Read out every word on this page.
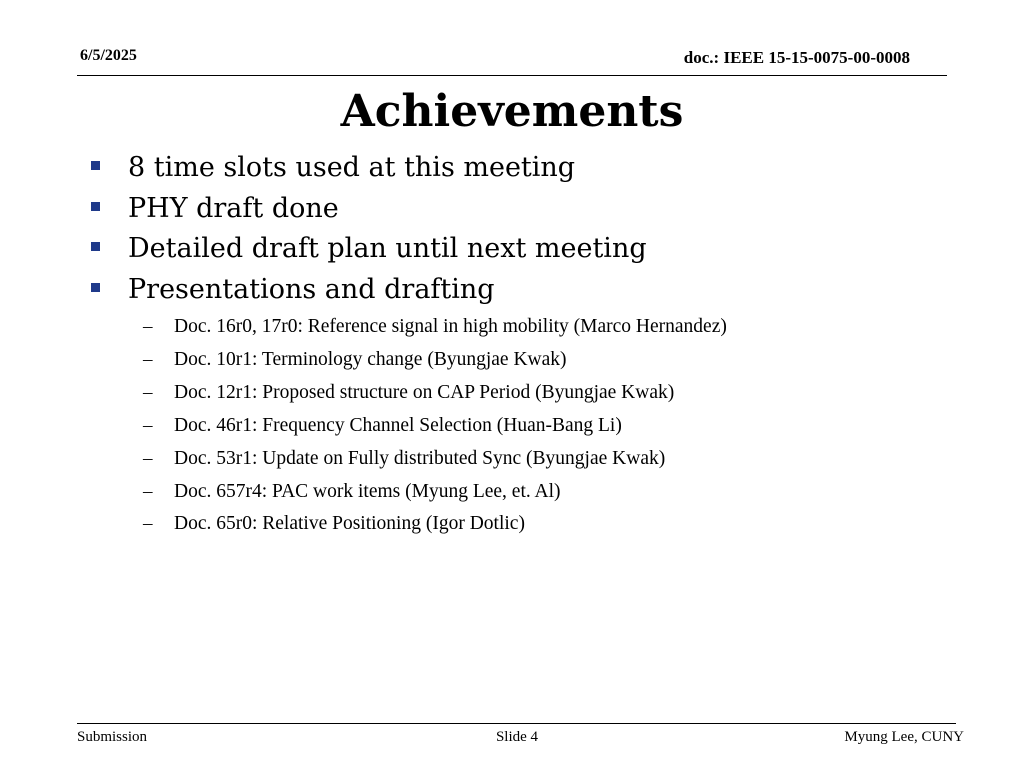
6/5/2025	doc.: IEEE 15-15-0075-00-0008
Achievements
8 time slots used at this meeting
PHY draft done
Detailed draft plan until next meeting
Presentations and drafting
–	Doc. 16r0, 17r0: Reference signal in high mobility (Marco Hernandez)
–	Doc. 10r1: Terminology change (Byungjae Kwak)
–	Doc. 12r1: Proposed structure on CAP Period (Byungjae Kwak)
–	Doc. 46r1: Frequency Channel Selection (Huan-Bang Li)
–	Doc. 53r1: Update on Fully distributed Sync (Byungjae Kwak)
–	Doc. 657r4: PAC work items (Myung Lee, et. Al)
–	Doc. 65r0: Relative Positioning (Igor Dotlic)
Submission	Slide 4	Myung Lee, CUNY
